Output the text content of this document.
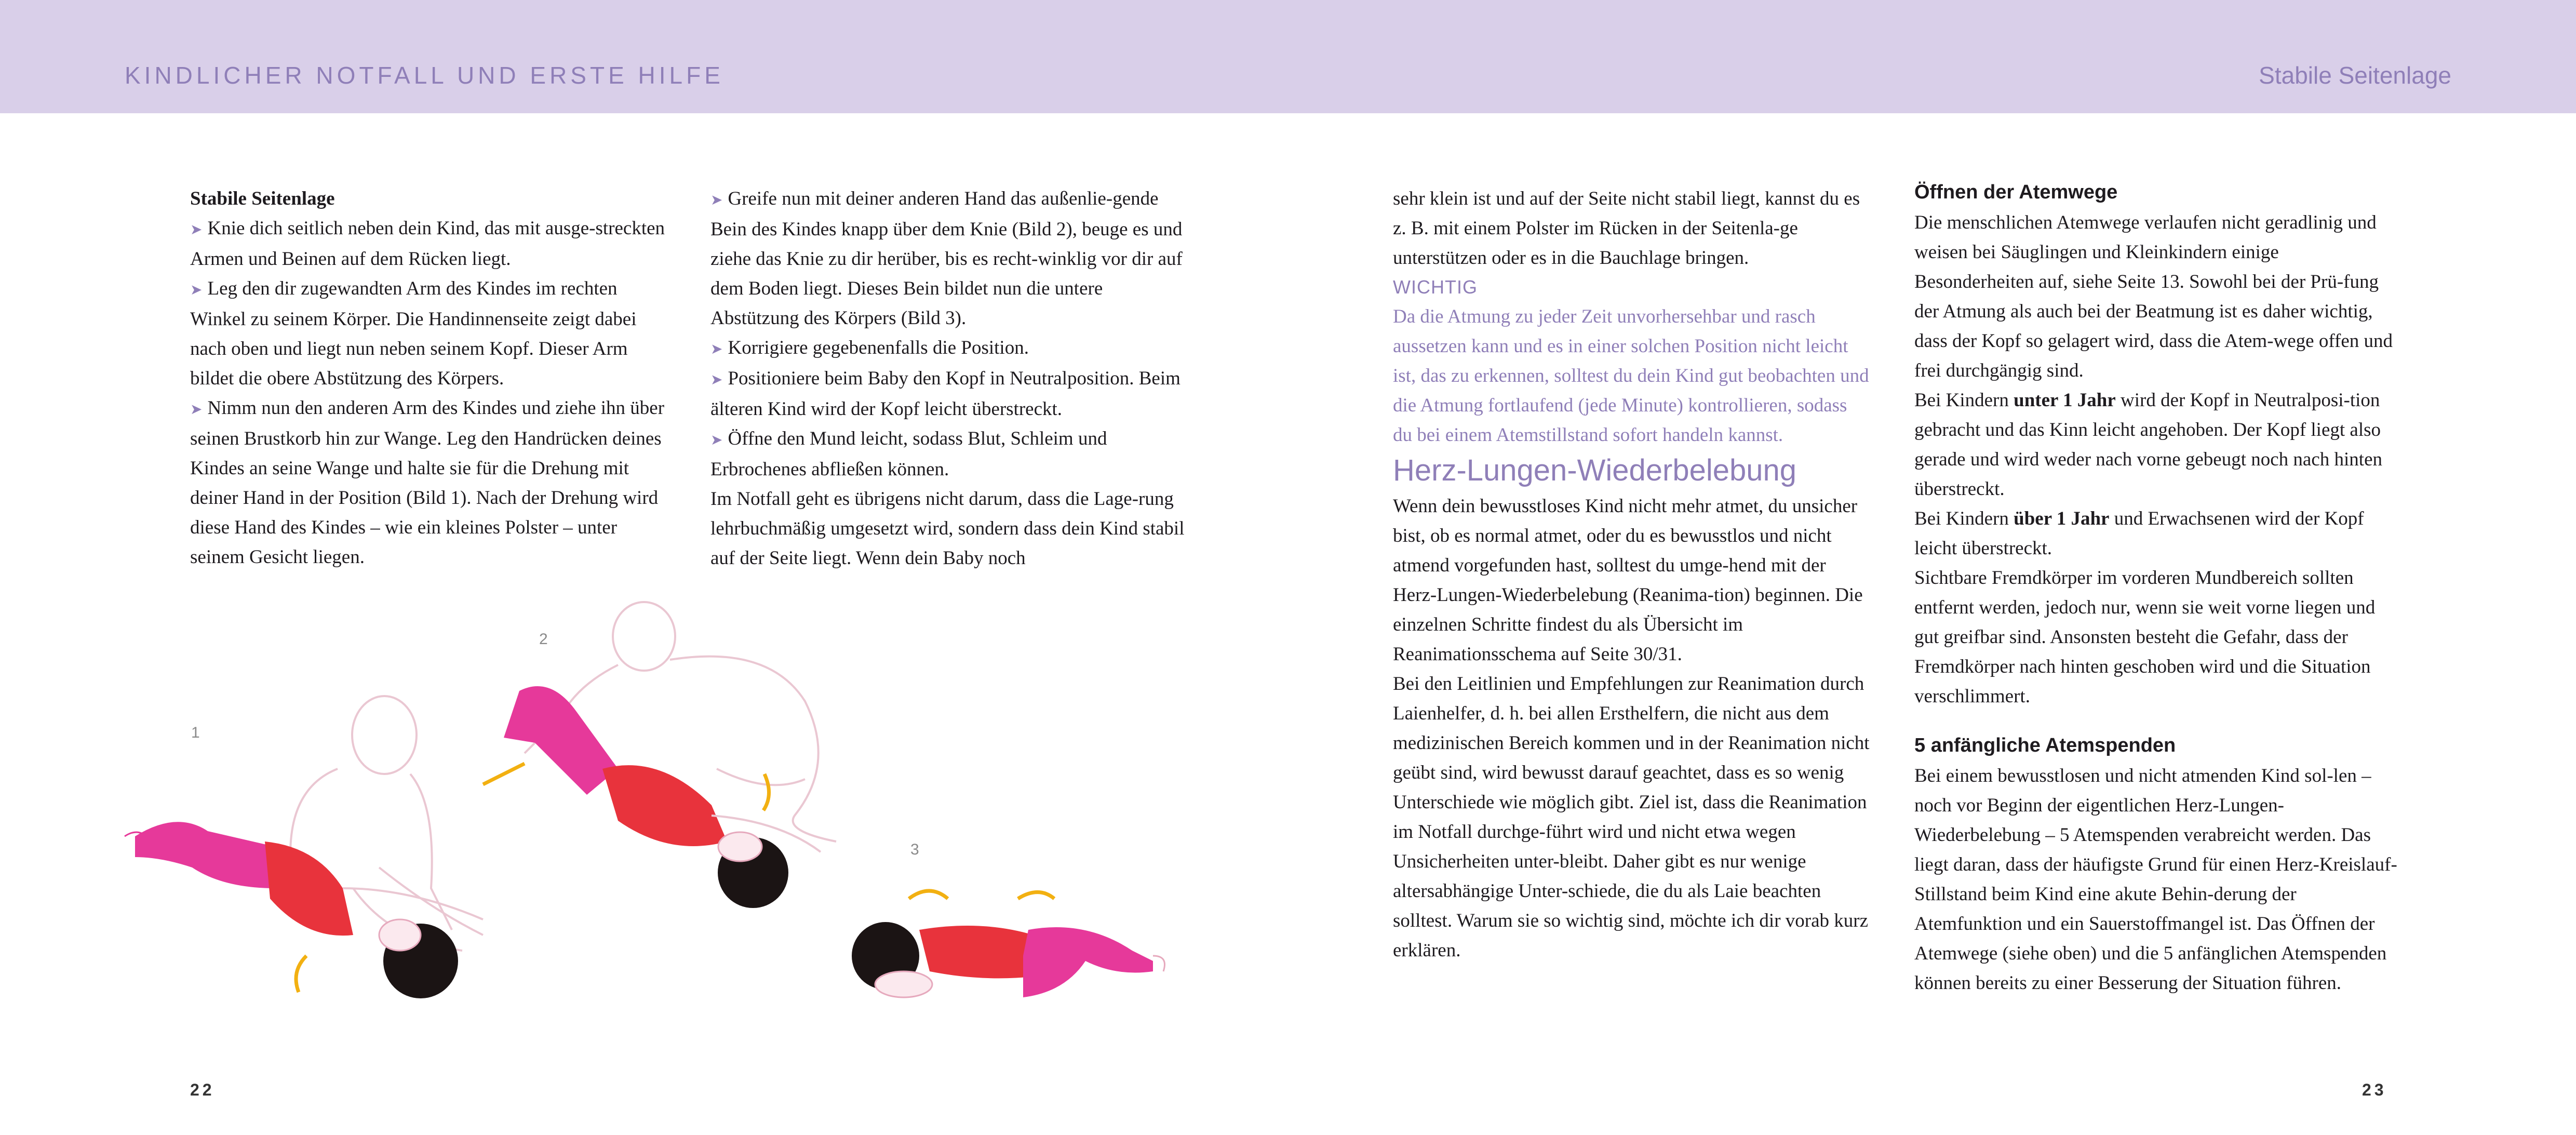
KINDLICHER NOTFALL UND ERSTE HILFE	Stabile Seitenlage

Stabile Seitenlage

➤ Knie dich seitlich neben dein Kind, das mit ausge-streckten Armen und Beinen auf dem Rücken liegt.

➤ Leg den dir zugewandten Arm des Kindes im rechten Winkel zu seinem Körper. Die Handinnenseite zeigt dabei nach oben und liegt nun neben seinem Kopf. Dieser Arm bildet die obere Abstützung des Körpers.

➤ Nimm nun den anderen Arm des Kindes und ziehe ihn über seinen Brustkorb hin zur Wange. Leg den Handrücken deines Kindes an seine Wange und halte sie für die Drehung mit deiner Hand in der Position (Bild 1). Nach der Drehung wird diese Hand des Kindes – wie ein kleines Polster – unter seinem Gesicht liegen.

➤ Greife nun mit deiner anderen Hand das außenlie-gende Bein des Kindes knapp über dem Knie (Bild 2), beuge es und ziehe das Knie zu dir herüber, bis es recht-winklig vor dir auf dem Boden liegt. Dieses Bein bildet nun die untere Abstützung des Körpers (Bild 3).

➤ Korrigiere gegebenenfalls die Position.

➤ Positioniere beim Baby den Kopf in Neutralposition. Beim älteren Kind wird der Kopf leicht überstreckt.

➤ Öffne den Mund leicht, sodass Blut, Schleim und Erbrochenes abfließen können.

Im Notfall geht es übrigens nicht darum, dass die Lage-rung lehrbuchmäßig umgesetzt wird, sondern dass dein Kind stabil auf der Seite liegt. Wenn dein Baby noch

1
2
3

sehr klein ist und auf der Seite nicht stabil liegt, kannst du es z. B. mit einem Polster im Rücken in der Seitenla-ge unterstützen oder es in die Bauchlage bringen.

WICHTIG

Da die Atmung zu jeder Zeit unvorhersehbar und rasch aussetzen kann und es in einer solchen Position nicht leicht ist, das zu erkennen, solltest du dein Kind gut beobachten und die Atmung fortlaufend (jede Minute) kontrollieren, sodass du bei einem Atemstillstand sofort handeln kannst.

Herz-Lungen-Wiederbelebung

Wenn dein bewusstloses Kind nicht mehr atmet, du unsicher bist, ob es normal atmet, oder du es bewusstlos und nicht atmend vorgefunden hast, solltest du umge-hend mit der Herz-Lungen-Wiederbelebung (Reanima-tion) beginnen. Die einzelnen Schritte findest du als Übersicht im Reanimationsschema auf Seite 30/31.

Bei den Leitlinien und Empfehlungen zur Reanimation durch Laienhelfer, d. h. bei allen Ersthelfern, die nicht aus dem medizinischen Bereich kommen und in der Reanimation nicht geübt sind, wird bewusst darauf geachtet, dass es so wenig Unterschiede wie möglich gibt. Ziel ist, dass die Reanimation im Notfall durchge-führt wird und nicht etwa wegen Unsicherheiten unter-bleibt. Daher gibt es nur wenige altersabhängige Unter-schiede, die du als Laie beachten solltest. Warum sie so wichtig sind, möchte ich dir vorab kurz erklären.

Öffnen der Atemwege

Die menschlichen Atemwege verlaufen nicht geradlinig und weisen bei Säuglingen und Kleinkindern einige Besonderheiten auf, siehe Seite 13. Sowohl bei der Prü-fung der Atmung als auch bei der Beatmung ist es daher wichtig, dass der Kopf so gelagert wird, dass die Atem-wege offen und frei durchgängig sind.

Bei Kindern unter 1 Jahr wird der Kopf in Neutralposi-tion gebracht und das Kinn leicht angehoben. Der Kopf liegt also gerade und wird weder nach vorne gebeugt noch nach hinten überstreckt.

Bei Kindern über 1 Jahr und Erwachsenen wird der Kopf leicht überstreckt.

Sichtbare Fremdkörper im vorderen Mundbereich sollten entfernt werden, jedoch nur, wenn sie weit vorne liegen und gut greifbar sind. Ansonsten besteht die Gefahr, dass der Fremdkörper nach hinten geschoben wird und die Situation verschlimmert.

5 anfängliche Atemspenden

Bei einem bewusstlosen und nicht atmenden Kind sol-len – noch vor Beginn der eigentlichen Herz-Lungen-Wiederbelebung – 5 Atemspenden verabreicht werden. Das liegt daran, dass der häufigste Grund für einen Herz-Kreislauf-Stillstand beim Kind eine akute Behin-derung der Atemfunktion und ein Sauerstoffmangel ist. Das Öffnen der Atemwege (siehe oben) und die 5 anfänglichen Atemspenden können bereits zu einer Besserung der Situation führen.

22	23
